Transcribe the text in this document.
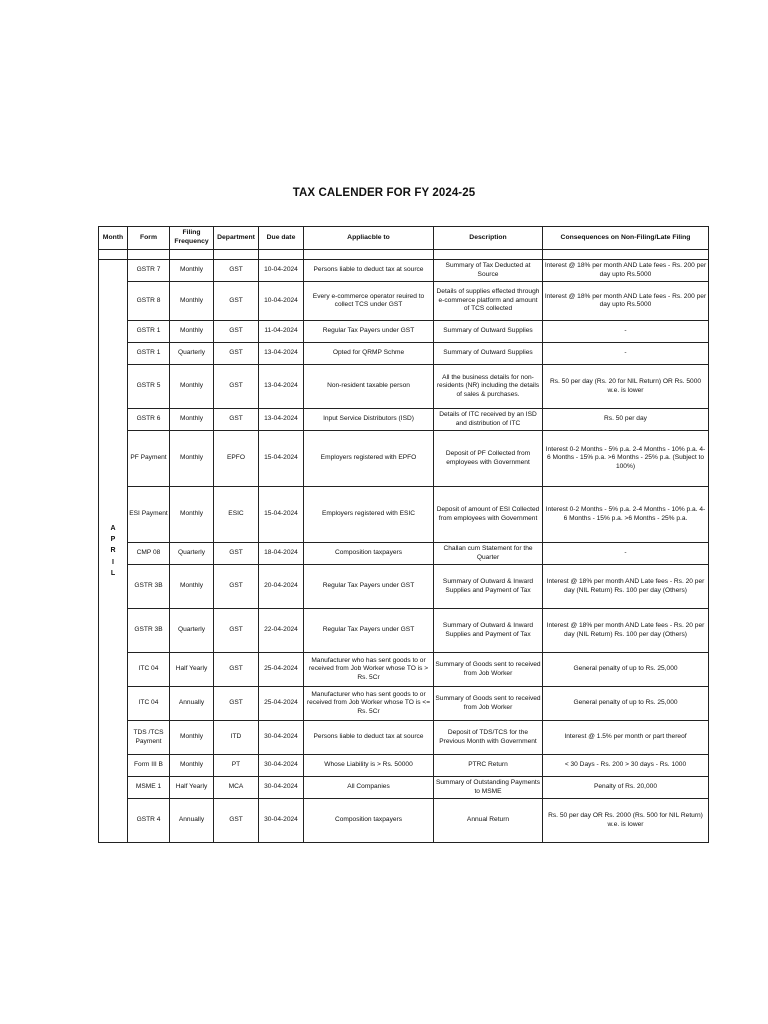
TAX CALENDER FOR FY 2024-25
Month	Form	Filing Frequency	Department	Due date	Appliacble to	Description	Consequences on Non-Filing/Late Filing

A
P
R
I
L	GSTR 7	Monthly	GST	10-04-2024	Persons liable to deduct tax at source	Summary of Tax Deducted at Source	Interest @ 18% per month AND Late fees - Rs. 200 per day upto Rs.5000
	GSTR 8	Monthly	GST	10-04-2024	Every e-commerce operator reuired to collect TCS under GST	Details of supplies effected through e-commerce platform and amount of TCS collected	Interest @ 18% per month AND Late fees - Rs. 200 per day upto Rs.5000
	GSTR 1	Monthly	GST	11-04-2024	Regular Tax Payers under GST	Summary of Outward Supplies	-
	GSTR 1	Quarterly	GST	13-04-2024	Opted for QRMP Schme	Summary of Outward Supplies	-
	GSTR 5	Monthly	GST	13-04-2024	Non-resident taxable person	All the business details for non-residents (NR) including the details of sales & purchases.	Rs. 50 per day (Rs. 20 for NIL Return) OR Rs. 5000 w.e. is lower
	GSTR 6	Monthly	GST	13-04-2024	Input Service Distributors (ISD)	Details of ITC received by an ISD and distribution of ITC	Rs. 50 per day
	PF Payment	Monthly	EPFO	15-04-2024	Employers registered with EPFO	Deposit of PF Collected from employees with Government	Interest 0-2 Months - 5% p.a. 2-4 Months - 10% p.a. 4-6 Months - 15% p.a. >6 Months - 25% p.a. (Subject to 100%)
	ESI Payment	Monthly	ESIC	15-04-2024	Employers registered with ESIC	Deposit of amount of ESI Collected from employees with Government	Interest 0-2 Months - 5% p.a. 2-4 Months - 10% p.a. 4-6 Months - 15% p.a. >6 Months - 25% p.a.
	CMP 08	Quarterly	GST	18-04-2024	Composition taxpayers	Challan cum Statement for the Quarter	-
	GSTR 3B	Monthly	GST	20-04-2024	Regular Tax Payers under GST	Summary of Outward & Inward Supplies and Payment of Tax	Interest @ 18% per month AND Late fees - Rs. 20 per day (NIL Return) Rs. 100 per day (Others)
	GSTR 3B	Quarterly	GST	22-04-2024	Regular Tax Payers under GST	Summary of Outward & Inward Supplies and Payment of Tax	Interest @ 18% per month AND Late fees - Rs. 20 per day (NIL Return) Rs. 100 per day (Others)
	ITC 04	Half Yearly	GST	25-04-2024	Manufacturer who has sent goods to or received from Job Worker whose TO is > Rs. 5Cr	Summary of Goods sent to received from Job Worker	General penalty of up to Rs. 25,000
	ITC 04	Annually	GST	25-04-2024	Manufacturer who has sent goods to or received from Job Worker whose TO is <= Rs. 5Cr	Summary of Goods sent to received from Job Worker	General penalty of up to Rs. 25,000
	TDS /TCS Payment	Monthly	ITD	30-04-2024	Persons liable to deduct tax at source	Deposit of TDS/TCS for the Previous Month with Government	Interest @ 1.5% per month or part thereof
	Form III B	Monthly	PT	30-04-2024	Whose Liability is > Rs. 50000	PTRC Return	< 30 Days - Rs. 200 > 30 days - Rs. 1000
	MSME 1	Half Yearly	MCA	30-04-2024	All Companies	Summary of Outstanding Payments to MSME	Penalty of Rs. 20,000
	GSTR 4	Annually	GST	30-04-2024	Composition taxpayers	Annual Return	Rs. 50 per day OR Rs. 2000 (Rs. 500 for NIL Return) w.e. is lower
